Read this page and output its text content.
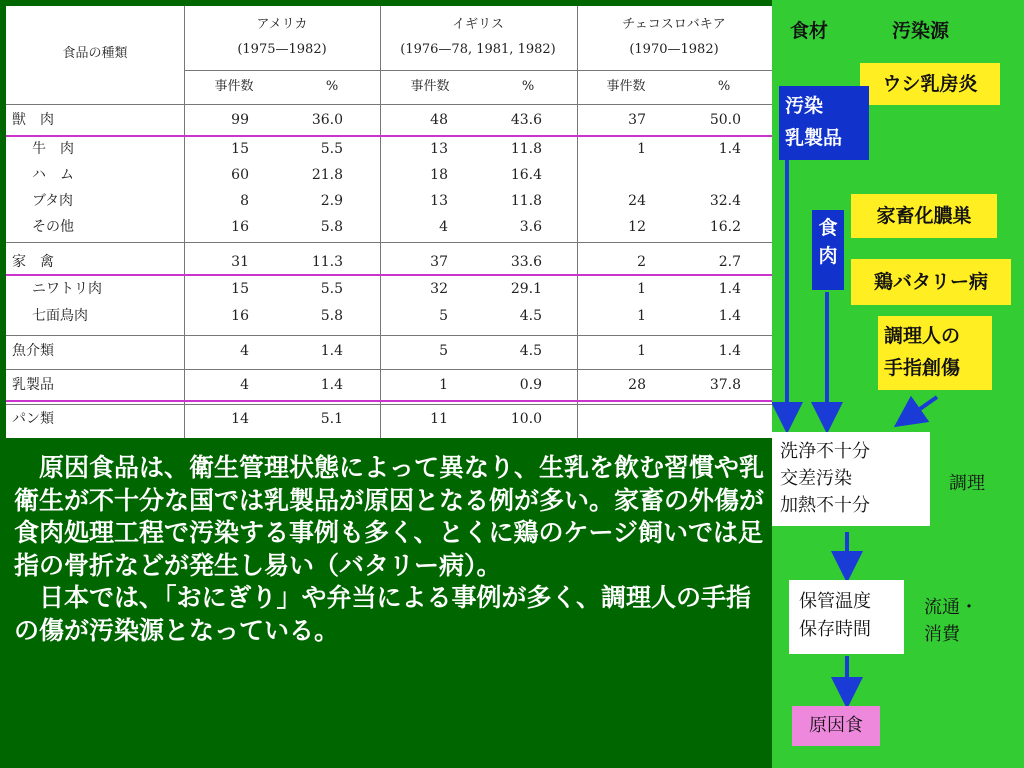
食品の種類
アメリカ
(1975—1982)
イギリス
(1976—78, 1981, 1982)
チェコスロバキア
(1970—1982)
事件数	%	事件数	%	事件数	%
獣　肉	99	36.0	48	43.6	37	50.0
牛　肉	15	5.5	13	11.8	1	1.4
ハ　ム	60	21.8	18	16.4
ブタ肉	8	2.9	13	11.8	24	32.4
その他	16	5.8	4	3.6	12	16.2
家　禽	31	11.3	37	33.6	2	2.7
ニワトリ肉	15	5.5	32	29.1	1	1.4
七面鳥肉	16	5.8	5	4.5	1	1.4
魚介類	4	1.4	5	4.5	1	1.4
乳製品	4	1.4	1	0.9	28	37.8
パン類	14	5.1	11	10.0

原因食品は、衛生管理状態によって異なり、生乳を飲む習慣や乳衛生が不十分な国では乳製品が原因となる例が多い。家畜の外傷が食肉処理工程で汚染する事例も多く、とくに鶏のケージ飼いでは足指の骨折などが発生し易い（バタリー病）。

日本では、「おにぎり」や弁当による事例が多く、調理人の手指の傷が汚染源となっている。

食材	汚染源
ウシ乳房炎
汚染
乳製品
食
肉
家畜化膿巣
鶏バタリー病
調理人の
手指創傷
洗浄不十分
交差汚染
加熱不十分
調理
保管温度
保存時間
流通・
消費
原因食
